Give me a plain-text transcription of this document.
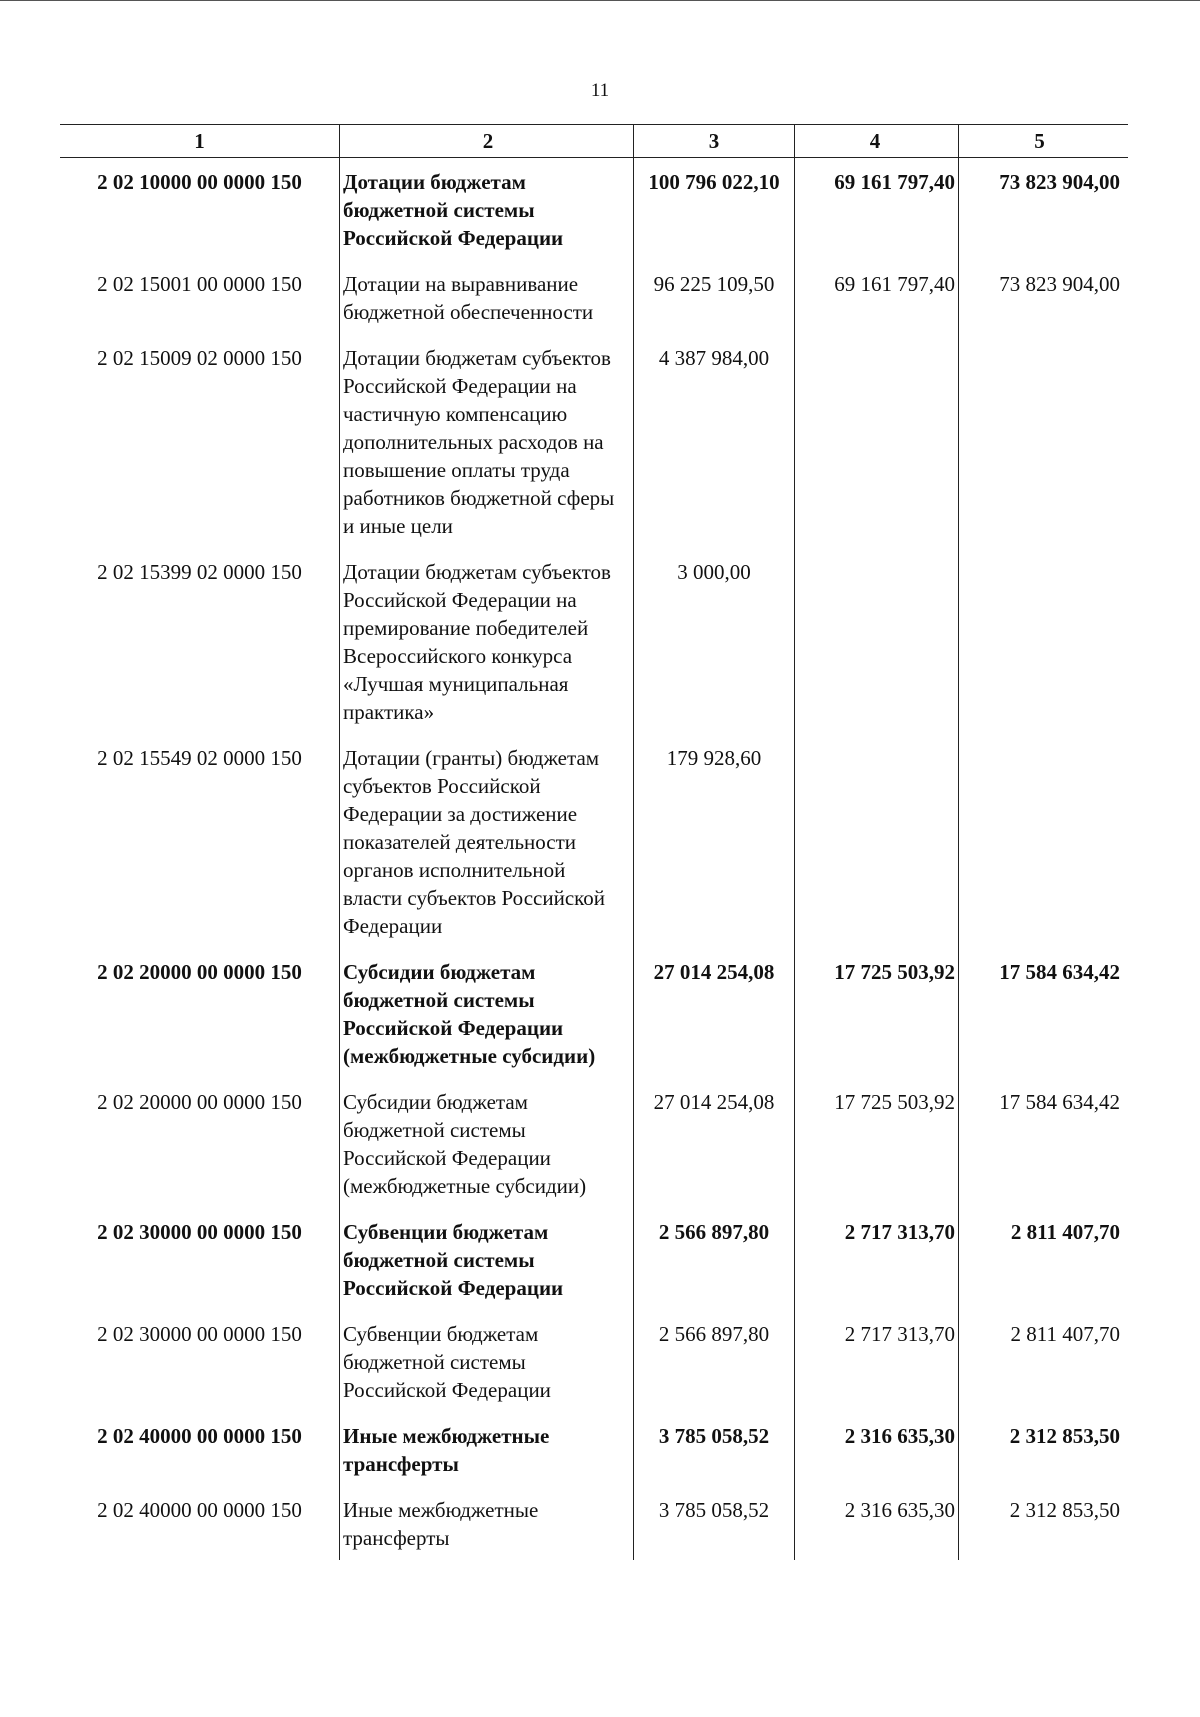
11
1	2	3	4	5
2 02 10000 00 0000 150	Дотации бюджетам бюджетной системы Российской Федерации	100 796 022,10	69 161 797,40	73 823 904,00
2 02 15001 00 0000 150	Дотации на выравнивание бюджетной обеспеченности	96 225 109,50	69 161 797,40	73 823 904,00
2 02 15009 02 0000 150	Дотации бюджетам субъектов Российской Федерации на частичную компенсацию дополнительных расходов на повышение оплаты труда работников бюджетной сферы и иные цели	4 387 984,00		
2 02 15399 02 0000 150	Дотации бюджетам субъектов Российской Федерации на премирование победителей Всероссийского конкурса «Лучшая муниципальная практика»	3 000,00		
2 02 15549 02 0000 150	Дотации (гранты) бюджетам субъектов Российской Федерации за достижение показателей деятельности органов исполнительной власти субъектов Российской Федерации	179 928,60		
2 02 20000 00 0000 150	Субсидии бюджетам бюджетной системы Российской Федерации (межбюджетные субсидии)	27 014 254,08	17 725 503,92	17 584 634,42
2 02 20000 00 0000 150	Субсидии бюджетам бюджетной системы Российской Федерации (межбюджетные субсидии)	27 014 254,08	17 725 503,92	17 584 634,42
2 02 30000 00 0000 150	Субвенции бюджетам бюджетной системы Российской Федерации	2 566 897,80	2 717 313,70	2 811 407,70
2 02 30000 00 0000 150	Субвенции бюджетам бюджетной системы Российской Федерации	2 566 897,80	2 717 313,70	2 811 407,70
2 02 40000 00 0000 150	Иные межбюджетные трансферты	3 785 058,52	2 316 635,30	2 312 853,50
2 02 40000 00 0000 150	Иные межбюджетные трансферты	3 785 058,52	2 316 635,30	2 312 853,50
